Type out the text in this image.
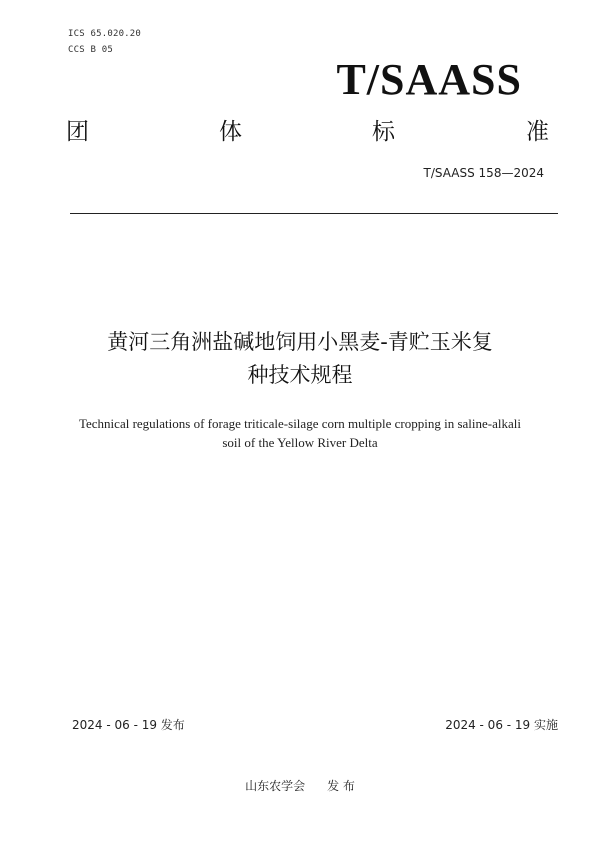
ICS 65.020.20
CCS B 05
T/SAASS
团	体	标	准
T/SAASS 158—2024
黄河三角洲盐碱地饲用小黑麦-青贮玉米复
种技术规程
Technical regulations of forage triticale-silage corn multiple cropping in saline-alkali
soil of the Yellow River Delta
2024 - 06 - 19 发布	2024 - 06 - 19 实施
山东农学会 发 布
